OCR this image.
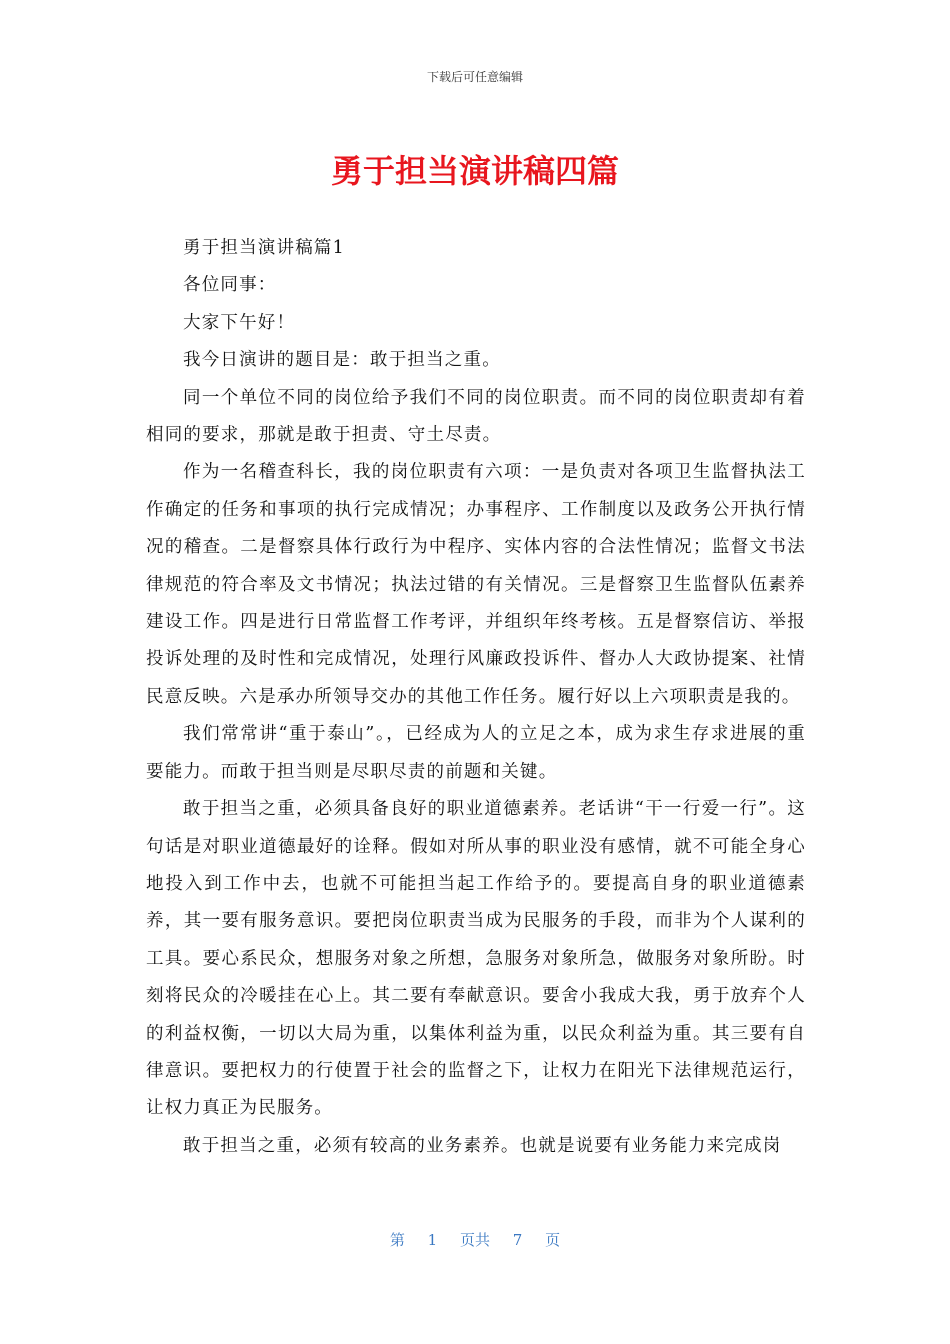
下载后可任意编辑
勇于担当演讲稿四篇

勇于担当演讲稿篇1

各位同事：

大家下午好！

我今日演讲的题目是：敢于担当之重。

同一个单位不同的岗位给予我们不同的岗位职责。而不同的岗位职责却有着相同的要求，那就是敢于担责、守土尽责。

作为一名稽查科长，我的岗位职责有六项：一是负责对各项卫生监督执法工作确定的任务和事项的执行完成情况；办事程序、工作制度以及政务公开执行情况的稽查。二是督察具体行政行为中程序、实体内容的合法性情况；监督文书法律规范的符合率及文书情况；执法过错的有关情况。三是督察卫生监督队伍素养建设工作。四是进行日常监督工作考评，并组织年终考核。五是督察信访、举报投诉处理的及时性和完成情况，处理行风廉政投诉件、督办人大政协提案、社情民意反映。六是承办所领导交办的其他工作任务。履行好以上六项职责是我的。

我们常常讲“重于泰山”。，已经成为人的立足之本，成为求生存求进展的重要能力。而敢于担当则是尽职尽责的前题和关键。

敢于担当之重，必须具备良好的职业道德素养。老话讲“干一行爱一行”。这句话是对职业道德最好的诠释。假如对所从事的职业没有感情，就不可能全身心地投入到工作中去，也就不可能担当起工作给予的。要提高自身的职业道德素养，其一要有服务意识。要把岗位职责当成为民服务的手段，而非为个人谋利的工具。要心系民众，想服务对象之所想，急服务对象所急，做服务对象所盼。时刻将民众的冷暖挂在心上。其二要有奉献意识。要舍小我成大我，勇于放弃个人的利益权衡，一切以大局为重，以集体利益为重，以民众利益为重。其三要有自律意识。要把权力的行使置于社会的监督之下，让权力在阳光下法律规范运行，让权力真正为民服务。

敢于担当之重，必须有较高的业务素养。也就是说要有业务能力来完成岗

第 1 页共 7 页
